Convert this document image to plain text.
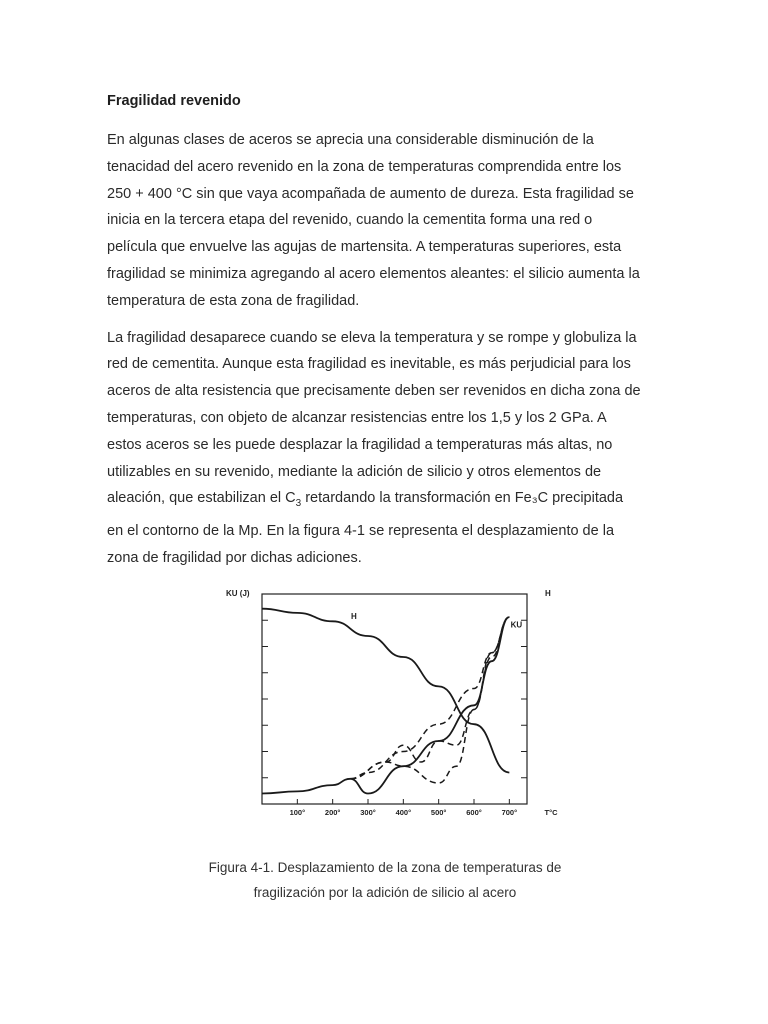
Fragilidad revenido
En algunas clases de aceros se aprecia una considerable disminución de la
tenacidad del acero revenido en la zona de temperaturas comprendida entre los
250 + 400 °C sin que vaya acompañada de aumento de dureza. Esta fragilidad se
inicia en la tercera etapa del revenido, cuando la cementita forma una red o
película que envuelve las agujas de martensita. A temperaturas superiores, esta
fragilidad se minimiza agregando al acero elementos aleantes: el silicio aumenta la
temperatura de esta zona de fragilidad.
La fragilidad desaparece cuando se eleva la temperatura y se rompe y globuliza la
red de cementita. Aunque esta fragilidad es inevitable, es más perjudicial para los
aceros de alta resistencia que precisamente deben ser revenidos en dicha zona de
temperaturas, con objeto de alcanzar resistencias entre los 1,5 y los 2 GPa. A
estos aceros se les puede desplazar la fragilidad a temperaturas más altas, no
utilizables en su revenido, mediante la adición de silicio y otros elementos de
aleación, que estabilizan el $C_3$ retardando la transformación en Fe₃C precipitada
en el contorno de la Mp. En la figura 4-1 se representa el desplazamiento de la
zona de fragilidad por dichas adiciones.
100°	200°	300°	400°	500°	600°	700°
KU (J)	H
T°C
H
KU
Figura 4-1. Desplazamiento de la zona de temperaturas de
fragilización por la adición de silicio al acero
